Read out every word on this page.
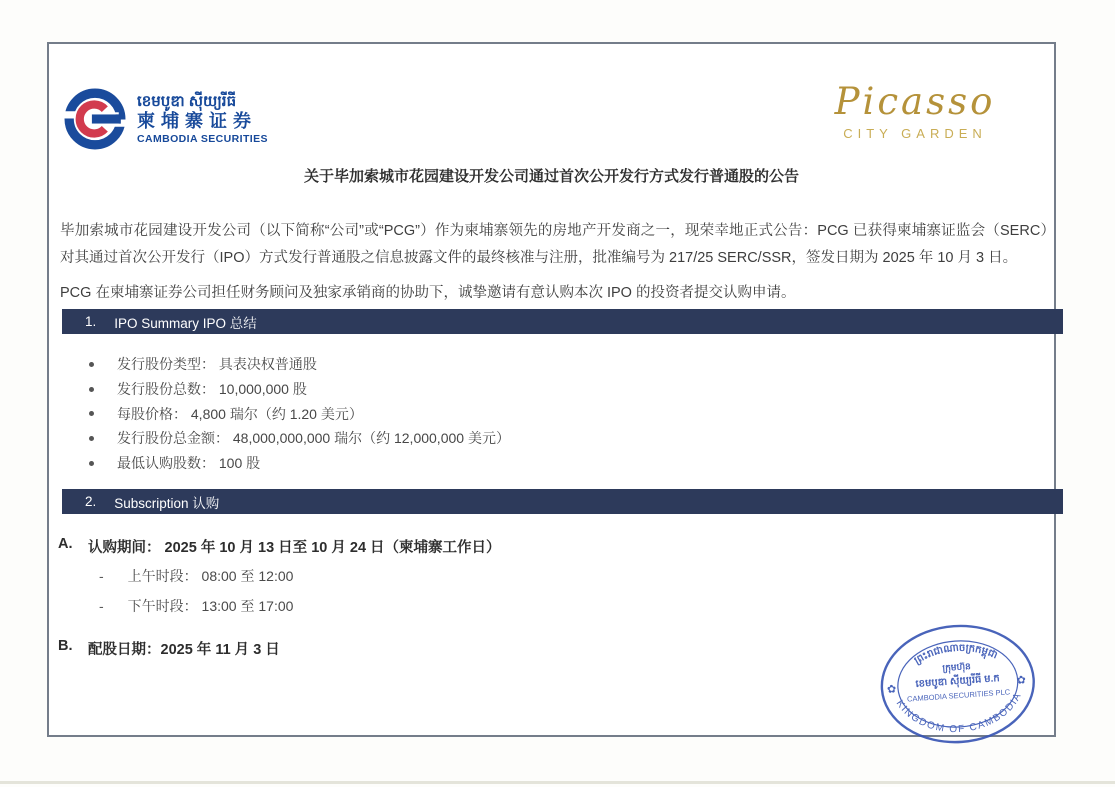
ខេមបូឌា ស៊ីយ្យរីធី
柬埔寨证券
CAMBODIA SECURITIES
Picasso
CITY GARDEN
关于毕加索城市花园建设开发公司通过首次公开发行方式发行普通股的公告
毕加索城市花园建设开发公司（以下简称“公司”或“PCG”）作为柬埔寨领先的房地产开发商之一，现荣幸地正式公告：PCG 已获得柬埔寨证监会（SERC）对其通过首次公开发行（IPO）方式发行普通股之信息披露文件的最终核准与注册，批准编号为 217/25 SERC/SSR，签发日期为 2025 年 10 月 3 日。
PCG 在柬埔寨证券公司担任财务顾问及独家承销商的协助下，诚挚邀请有意认购本次 IPO 的投资者提交认购申请。
1. IPO Summary IPO 总结
发行股份类型： 具表决权普通股
发行股份总数： 10,000,000 股
每股价格： 4,800 瑞尔（约 1.20 美元）
发行股份总金额： 48,000,000,000 瑞尔（约 12,000,000 美元）
最低认购股数： 100 股
2. Subscription 认购
A.	认购期间： 2025 年 10 月 13 日至 10 月 24 日（柬埔寨工作日）
- 上午时段： 08:00 至 12:00
- 下午时段： 13:00 至 17:00
B.	配股日期：2025 年 11 月 3 日
ព្រះរាជាណាចក្រកម្ពុជា
ក្រុមហ៊ុន
ខេមបូឌា ស៊ីយ្យរីធី ម.ក
CAMBODIA SECURITIES PLC
KINGDOM OF CAMBODIA
✿
✿
